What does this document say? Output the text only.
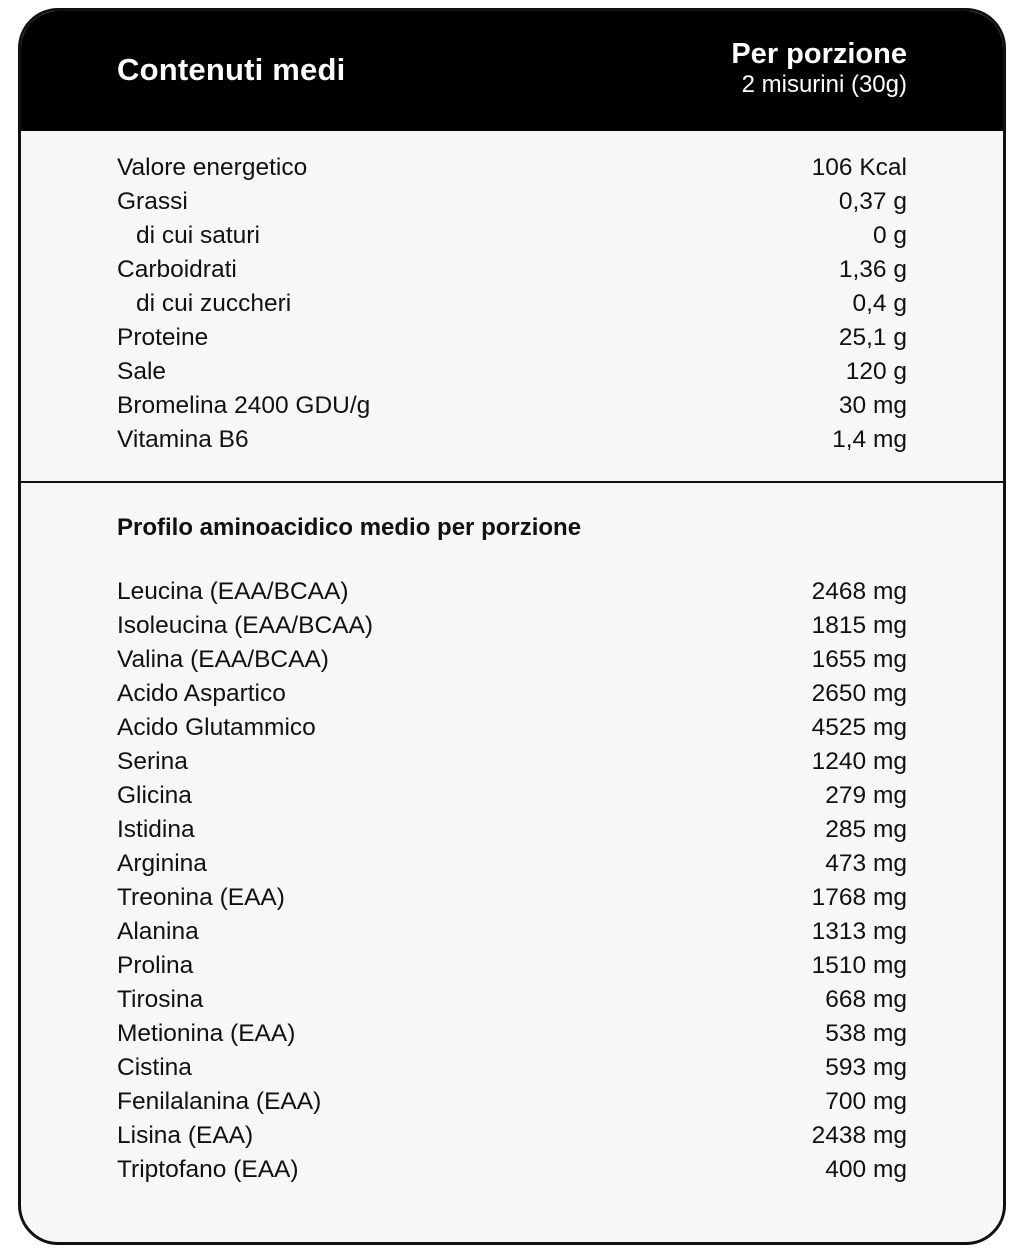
Contenuti medi	Per porzione
2 misurini (30g)
Valore energetico	106 Kcal
Grassi	0,37 g
di cui saturi	0 g
Carboidrati	1,36 g
di cui zuccheri	0,4 g
Proteine	25,1 g
Sale	120 g
Bromelina 2400 GDU/g	30 mg
Vitamina B6	1,4 mg
Profilo aminoacidico medio per porzione
Leucina (EAA/BCAA)	2468 mg
Isoleucina (EAA/BCAA)	1815 mg
Valina (EAA/BCAA)	1655 mg
Acido Aspartico	2650 mg
Acido Glutammico	4525 mg
Serina	1240 mg
Glicina	279 mg
Istidina	285 mg
Arginina	473 mg
Treonina (EAA)	1768 mg
Alanina	1313 mg
Prolina	1510 mg
Tirosina	668 mg
Metionina (EAA)	538 mg
Cistina	593 mg
Fenilalanina (EAA)	700 mg
Lisina (EAA)	2438 mg
Triptofano (EAA)	400 mg
